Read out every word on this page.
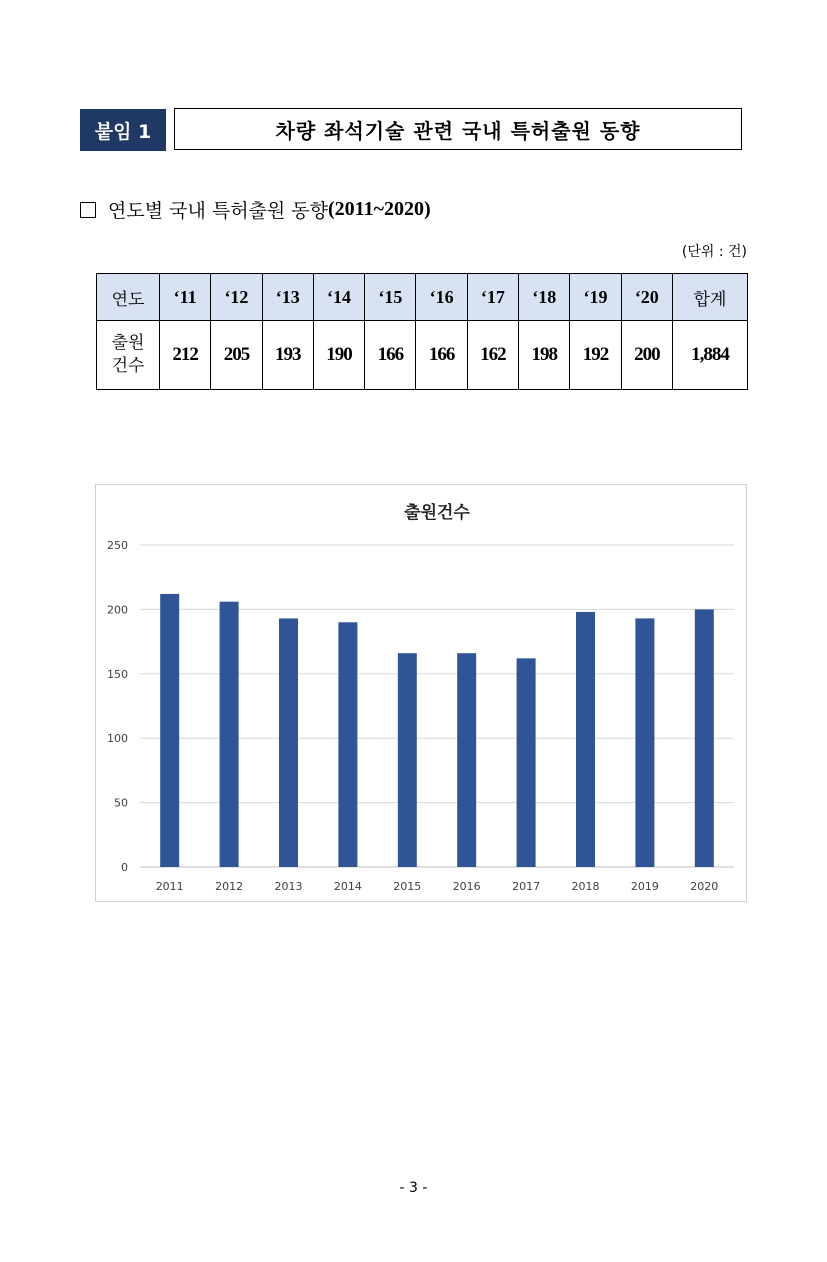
붙임 1	차량 좌석기술 관련 국내 특허출원 동향
연도별 국내 특허출원 동향 (2011~2020)
(단위 : 건)
연도	‘11	‘12	‘13	‘14	‘15	‘16	‘17	‘18	‘19	‘20	합계
출원
건수	212	205	193	190	166	166	162	198	192	200	1,884
출원건수
0
50
100
150
200
250
2011	2012	2013	2014	2015	2016	2017	2018	2019	2020
- 3 -
